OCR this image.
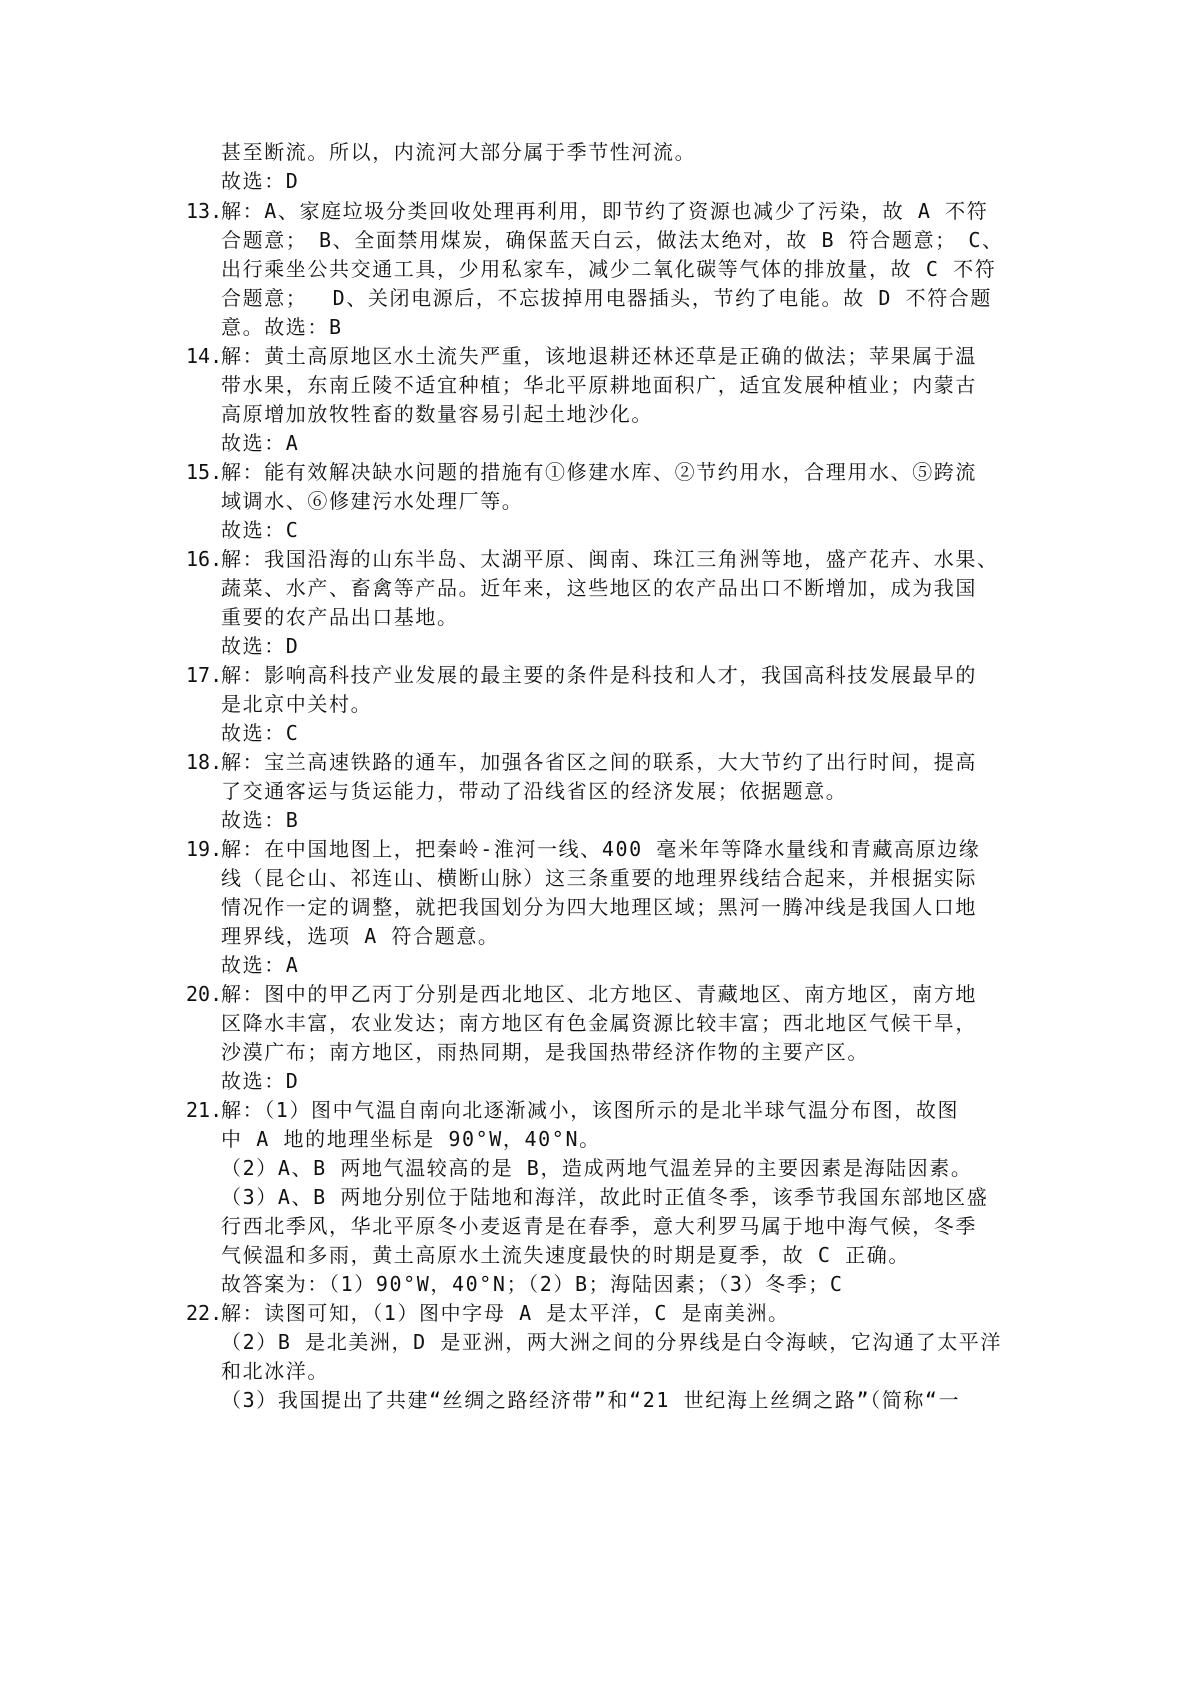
甚至断流。所以，内流河大部分属于季节性河流。
故选：D
13.
解：A、家庭垃圾分类回收处理再利用，即节约了资源也减少了污染，故 A 不符
合题意；　B、全面禁用煤炭，确保蓝天白云，做法太绝对，故 B 符合题意；　C、
出行乘坐公共交通工具，少用私家车，减少二氧化碳等气体的排放量，故 C 不符
合题意；　 D、关闭电源后，不忘拔掉用电器插头，节约了电能。故 D 不符合题
意。故选：B
14.
解：黄土高原地区水土流失严重，该地退耕还林还草是正确的做法；苹果属于温
带水果，东南丘陵不适宜种植；华北平原耕地面积广，适宜发展种植业；内蒙古
高原增加放牧牲畜的数量容易引起土地沙化。
故选：A
15.
解：能有效解决缺水问题的措施有①修建水库、②节约用水，合理用水、⑤跨流
域调水、⑥修建污水处理厂等。
故选：C
16.
解：我国沿海的山东半岛、太湖平原、闽南、珠江三角洲等地，盛产花卉、水果、
蔬菜、水产、畜禽等产品。近年来，这些地区的农产品出口不断增加，成为我国
重要的农产品出口基地。
故选：D
17.
解：影响高科技产业发展的最主要的条件是科技和人才，我国高科技发展最早的
是北京中关村。
故选：C
18.
解：宝兰高速铁路的通车，加强各省区之间的联系，大大节约了出行时间，提高
了交通客运与货运能力，带动了沿线省区的经济发展；依据题意。
故选：B
19.
解：在中国地图上，把秦岭-淮河一线、400 毫米年等降水量线和青藏高原边缘
线（昆仑山、祁连山、横断山脉）这三条重要的地理界线结合起来，并根据实际
情况作一定的调整，就把我国划分为四大地理区域；黑河一腾冲线是我国人口地
理界线，选项 A 符合题意。
故选：A
20.
解：图中的甲乙丙丁分别是西北地区、北方地区、青藏地区、南方地区，南方地
区降水丰富，农业发达；南方地区有色金属资源比较丰富；西北地区气候干旱，
沙漠广布；南方地区，雨热同期，是我国热带经济作物的主要产区。
故选：D
21.
解：（1）图中气温自南向北逐渐减小，该图所示的是北半球气温分布图，故图
中 A 地的地理坐标是 90°W，40°N。
（2）A、B 两地气温较高的是 B，造成两地气温差异的主要因素是海陆因素。
（3）A、B 两地分别位于陆地和海洋，故此时正值冬季，该季节我国东部地区盛
行西北季风，华北平原冬小麦返青是在春季，意大利罗马属于地中海气候，冬季
气候温和多雨，黄土高原水土流失速度最快的时期是夏季，故 C 正确。
故答案为：（1）90°W，40°N；（2）B；海陆因素；（3）冬季；C
22.
解：读图可知，（1）图中字母 A 是太平洋，C 是南美洲。
（2）B 是北美洲，D 是亚洲，两大洲之间的分界线是白令海峡，它沟通了太平洋
和北冰洋。
（3）我国提出了共建“丝绸之路经济带”和“21 世纪海上丝绸之路”（简称“一
